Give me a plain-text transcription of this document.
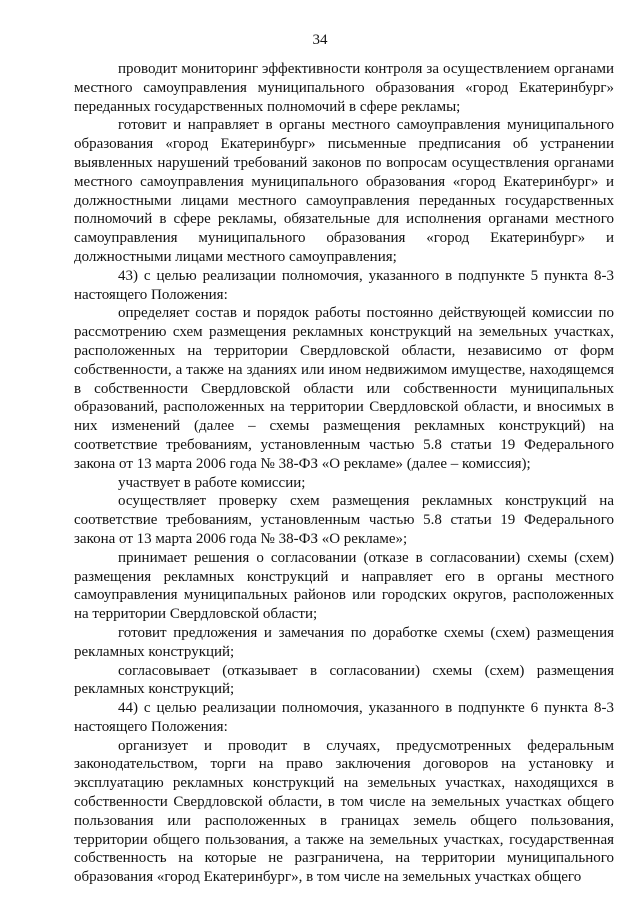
34

проводит мониторинг эффективности контроля за осуществлением органами местного самоуправления муниципального образования «город Екатеринбург» переданных государственных полномочий в сфере рекламы;

готовит и направляет в органы местного самоуправления муниципального образования «город Екатеринбург» письменные предписания об устранении выявленных нарушений требований законов по вопросам осуществления органами местного самоуправления муниципального образования «город Екатеринбург» и должностными лицами местного самоуправления переданных государственных полномочий в сфере рекламы, обязательные для исполнения органами местного самоуправления муниципального образования «город Екатеринбург» и должностными лицами местного самоуправления;

43) с целью реализации полномочия, указанного в подпункте 5 пункта 8-3 настоящего Положения:

определяет состав и порядок работы постоянно действующей комиссии по рассмотрению схем размещения рекламных конструкций на земельных участках, расположенных на территории Свердловской области, независимо от форм собственности, а также на зданиях или ином недвижимом имуществе, находящемся в собственности Свердловской области или собственности муниципальных образований, расположенных на территории Свердловской области, и вносимых в них изменений (далее – схемы размещения рекламных конструкций) на соответствие требованиям, установленным частью 5.8 статьи 19 Федерального закона от 13 марта 2006 года № 38-ФЗ «О рекламе» (далее – комиссия);

участвует в работе комиссии;

осуществляет проверку схем размещения рекламных конструкций на соответствие требованиям, установленным частью 5.8 статьи 19 Федерального закона от 13 марта 2006 года № 38-ФЗ «О рекламе»;

принимает решения о согласовании (отказе в согласовании) схемы (схем) размещения рекламных конструкций и направляет его в органы местного самоуправления муниципальных районов или городских округов, расположенных на территории Свердловской области;

готовит предложения и замечания по доработке схемы (схем) размещения рекламных конструкций;

согласовывает (отказывает в согласовании) схемы (схем) размещения рекламных конструкций;

44) с целью реализации полномочия, указанного в подпункте 6 пункта 8-3 настоящего Положения:

организует и проводит в случаях, предусмотренных федеральным законодательством, торги на право заключения договоров на установку и эксплуатацию рекламных конструкций на земельных участках, находящихся в собственности Свердловской области, в том числе на земельных участках общего пользования или расположенных в границах земель общего пользования, территории общего пользования, а также на земельных участках, государственная собственность на которые не разграничена, на территории муниципального образования «город Екатеринбург», в том числе на земельных участках общего
